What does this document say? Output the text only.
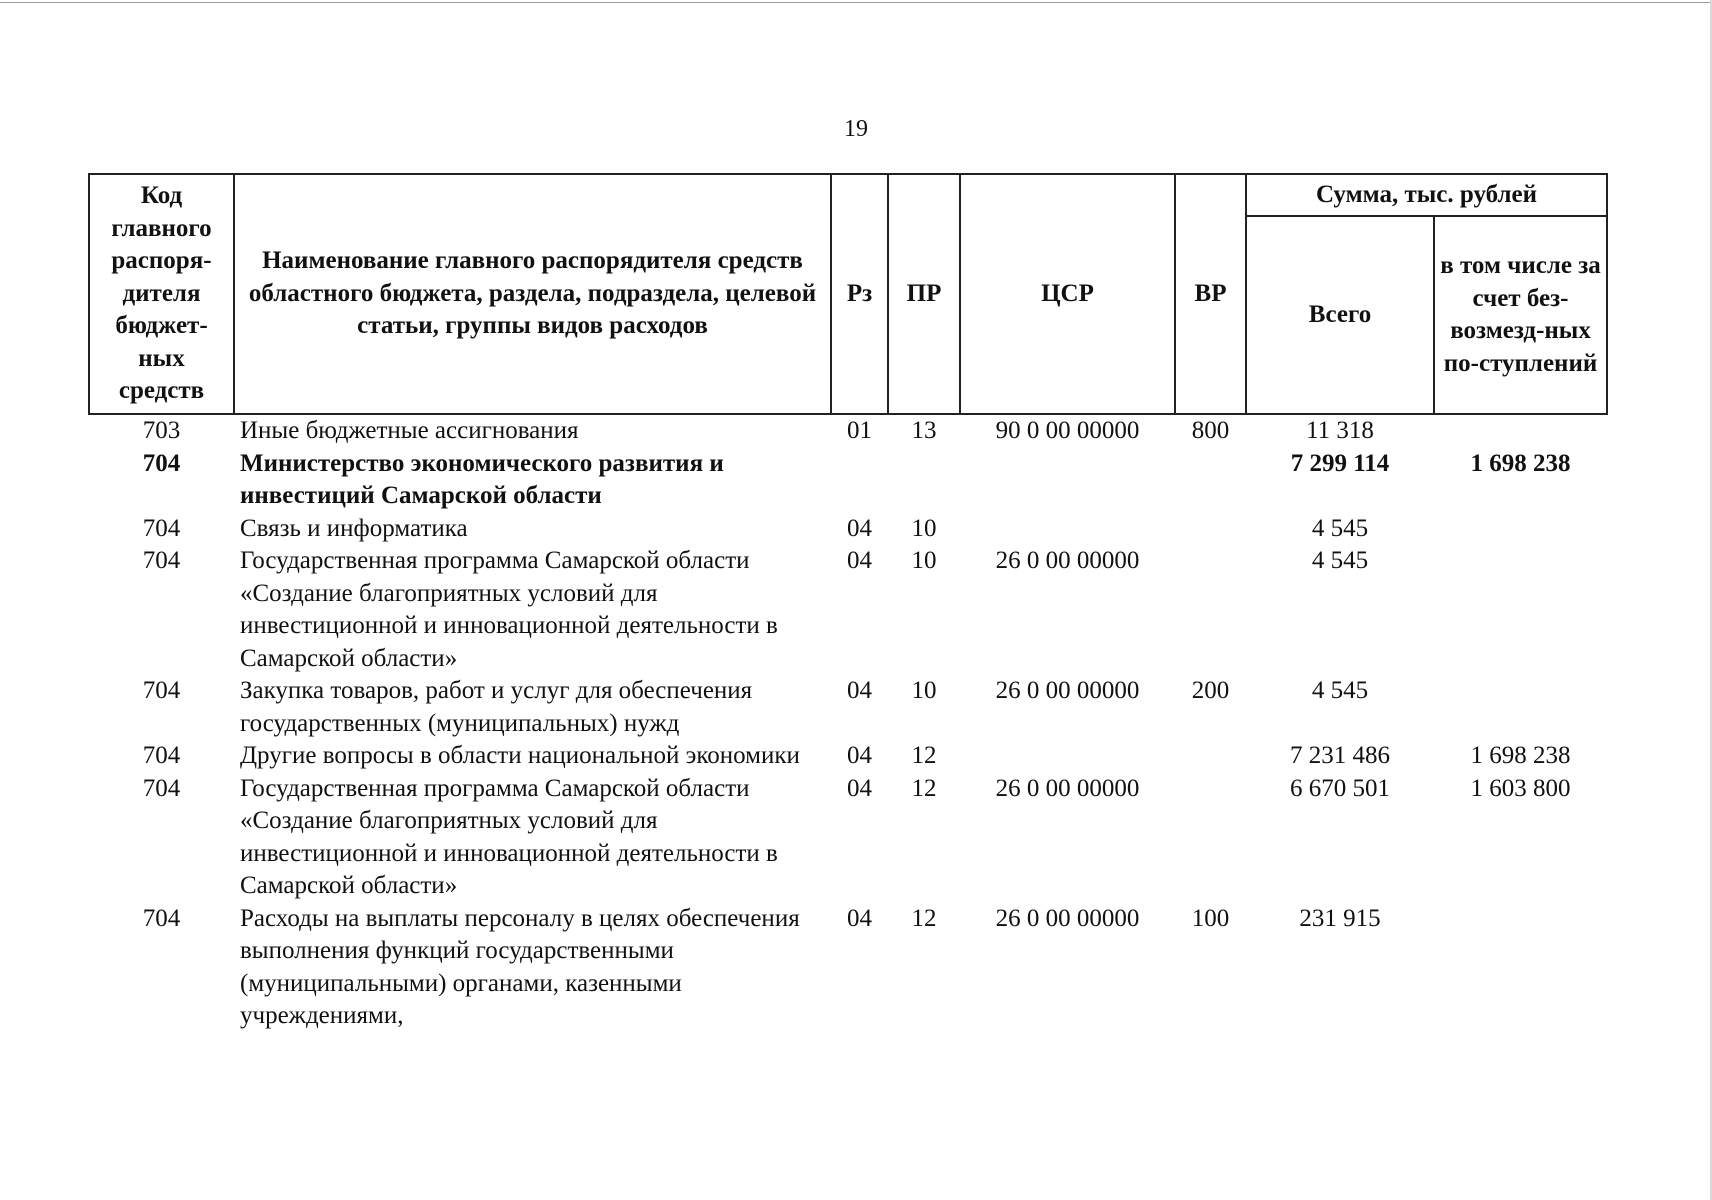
19
Код главного распоря-дителя бюджет-ных средств	Наименование главного распорядителя средств областного бюджета, раздела, подраздела, целевой статьи, группы видов расходов	Рз	ПР	ЦСР	ВР	Сумма, тыс. рублей	
						Всего	в том числе за счет без-возмезд-ных по-ступлений
703	Иные бюджетные ассигнования	01	13	90 0 00 00000	800	11 318	
704	Министерство экономического развития и инвестиций Самарской области					7 299 114	1 698 238
704	Связь и информатика	04	10			4 545	
704	Государственная программа Самарской области «Создание благоприятных условий для инвестиционной и инновационной деятельности в Самарской области»	04	10	26 0 00 00000		4 545	
704	Закупка товаров, работ и услуг для обеспечения государственных (муниципальных) нужд	04	10	26 0 00 00000	200	4 545	
704	Другие вопросы в области национальной экономики	04	12			7 231 486	1 698 238
704	Государственная программа Самарской области «Создание благоприятных условий для инвестиционной и инновационной деятельности в Самарской области»	04	12	26 0 00 00000		6 670 501	1 603 800
704	Расходы на выплаты персоналу в целях обеспечения выполнения функций государственными (муниципальными) органами, казенными учреждениями,	04	12	26 0 00 00000	100	231 915	
